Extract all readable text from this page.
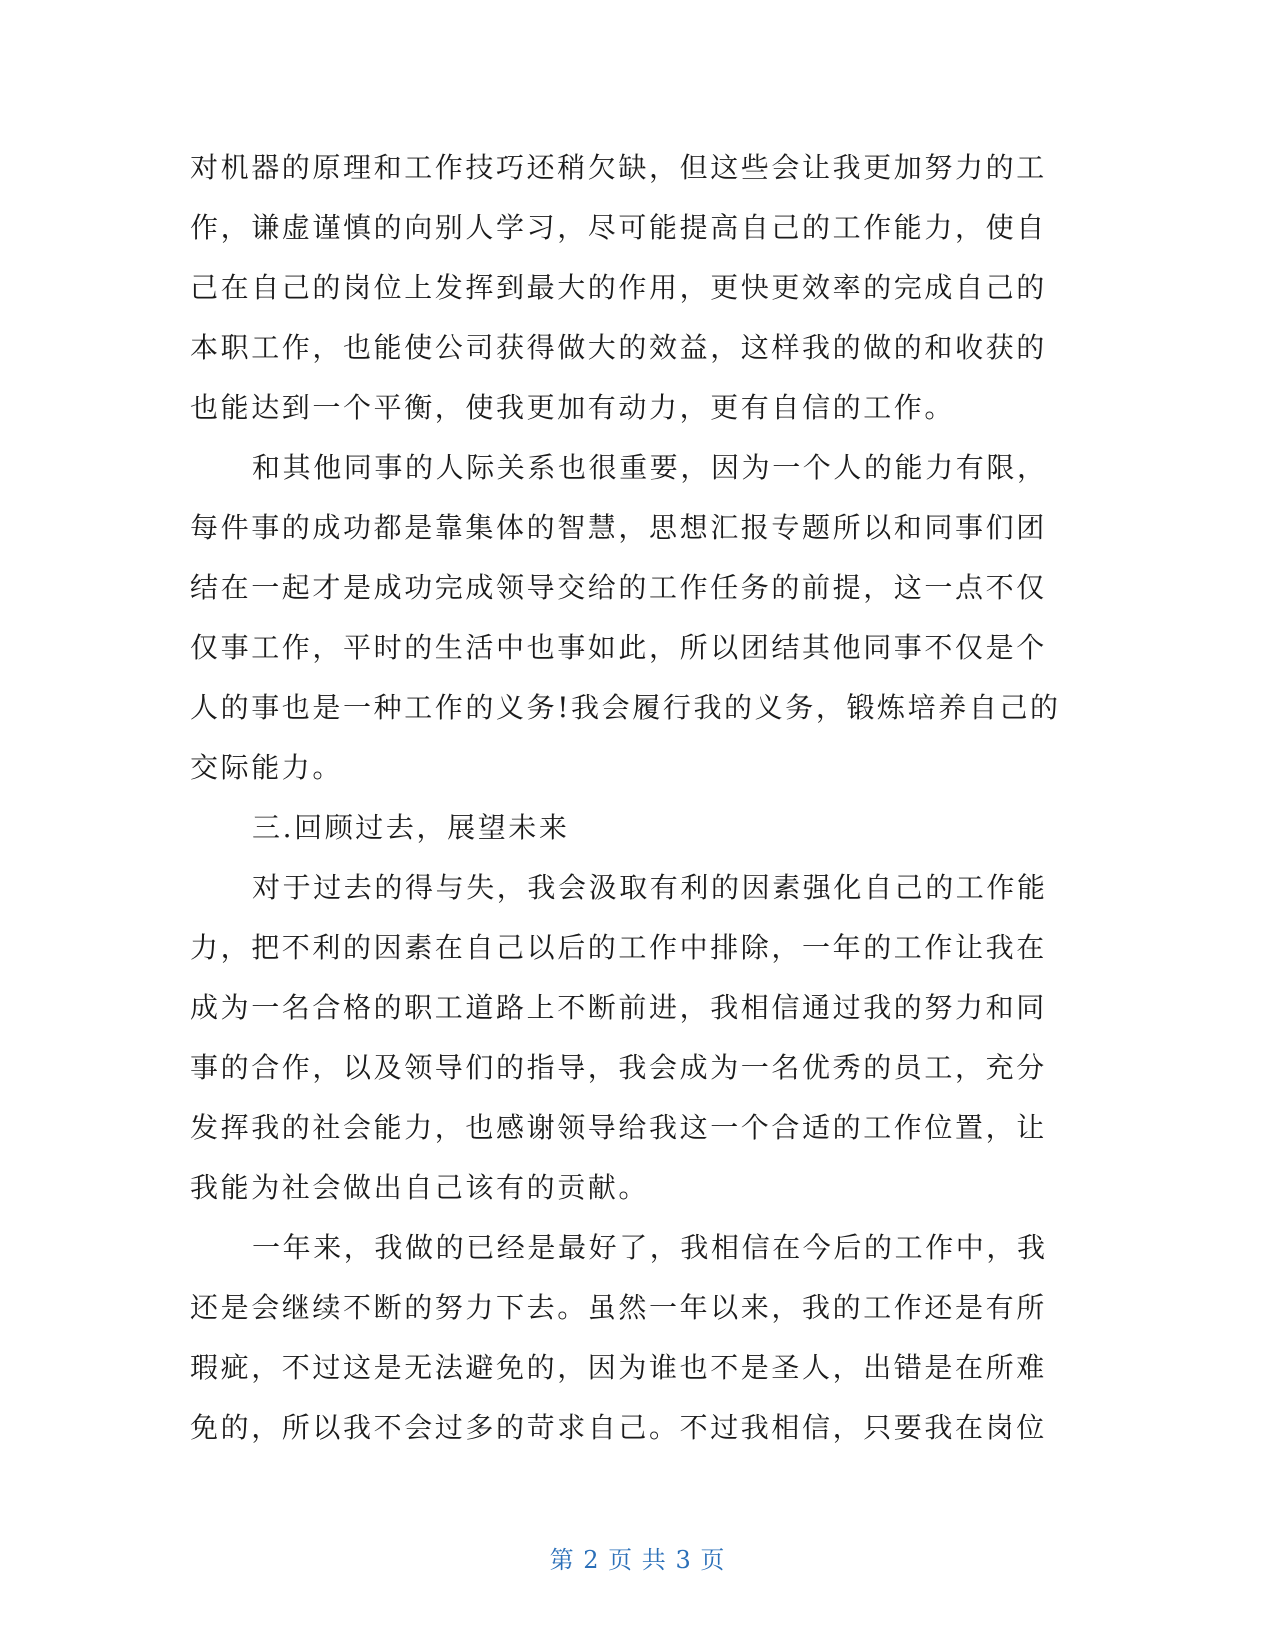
对机器的原理和工作技巧还稍欠缺，但这些会让我更加努力的工
作，谦虚谨慎的向别人学习，尽可能提高自己的工作能力，使自
己在自己的岗位上发挥到最大的作用，更快更效率的完成自己的
本职工作，也能使公司获得做大的效益，这样我的做的和收获的
也能达到一个平衡，使我更加有动力，更有自信的工作。
和其他同事的人际关系也很重要，因为一个人的能力有限，
每件事的成功都是靠集体的智慧，思想汇报专题所以和同事们团
结在一起才是成功完成领导交给的工作任务的前提，这一点不仅
仅事工作，平时的生活中也事如此，所以团结其他同事不仅是个
人的事也是一种工作的义务!我会履行我的义务，锻炼培养自己的
交际能力。
三.回顾过去，展望未来
对于过去的得与失，我会汲取有利的因素强化自己的工作能
力，把不利的因素在自己以后的工作中排除，一年的工作让我在
成为一名合格的职工道路上不断前进，我相信通过我的努力和同
事的合作，以及领导们的指导，我会成为一名优秀的员工，充分
发挥我的社会能力，也感谢领导给我这一个合适的工作位置，让
我能为社会做出自己该有的贡献。
一年来，我做的已经是最好了，我相信在今后的工作中，我
还是会继续不断的努力下去。虽然一年以来，我的工作还是有所
瑕疵，不过这是无法避免的，因为谁也不是圣人，出错是在所难
免的，所以我不会过多的苛求自己。不过我相信，只要我在岗位
第 2 页 共 3 页
